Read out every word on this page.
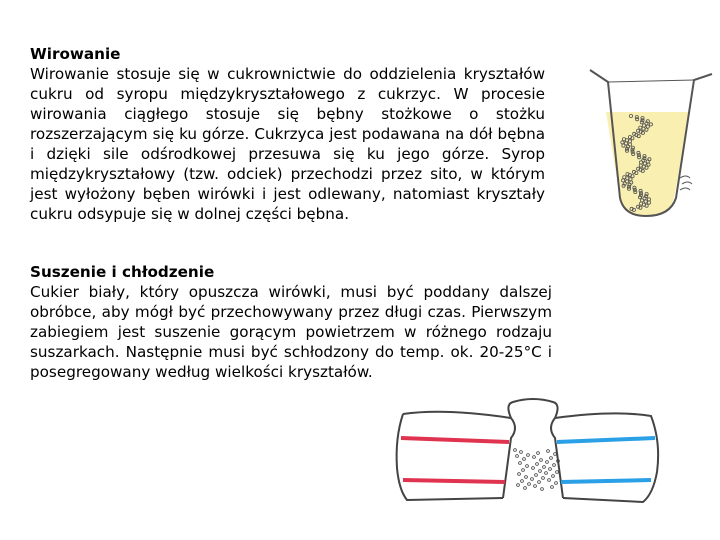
Wirowanie

Wirowanie stosuje się w cukrownictwie do oddzielenia kryształów cukru od syropu międzykryształowego z cukrzyc. W procesie wirowania ciągłego stosuje się bębny stożkowe o stożku rozszerzającym się ku górze. Cukrzyca jest podawana na dół bębna i dzięki sile odśrodkowej przesuwa się ku jego górze. Syrop międzykryształowy (tzw. odciek) przechodzi przez sito, w którym jest wyłożony bęben wirówki i jest odlewany, natomiast kryształy cukru odsypuje się w dolnej części bębna.

Suszenie i chłodzenie

Cukier biały, który opuszcza wirówki, musi być poddany dalszej obróbce, aby mógł być przechowywany przez długi czas. Pierwszym zabiegiem jest suszenie gorącym powietrzem w różnego rodzaju suszarkach. Następnie musi być schłodzony do temp. ok. 20-25°C i posegregowany według wielkości kryształów.
